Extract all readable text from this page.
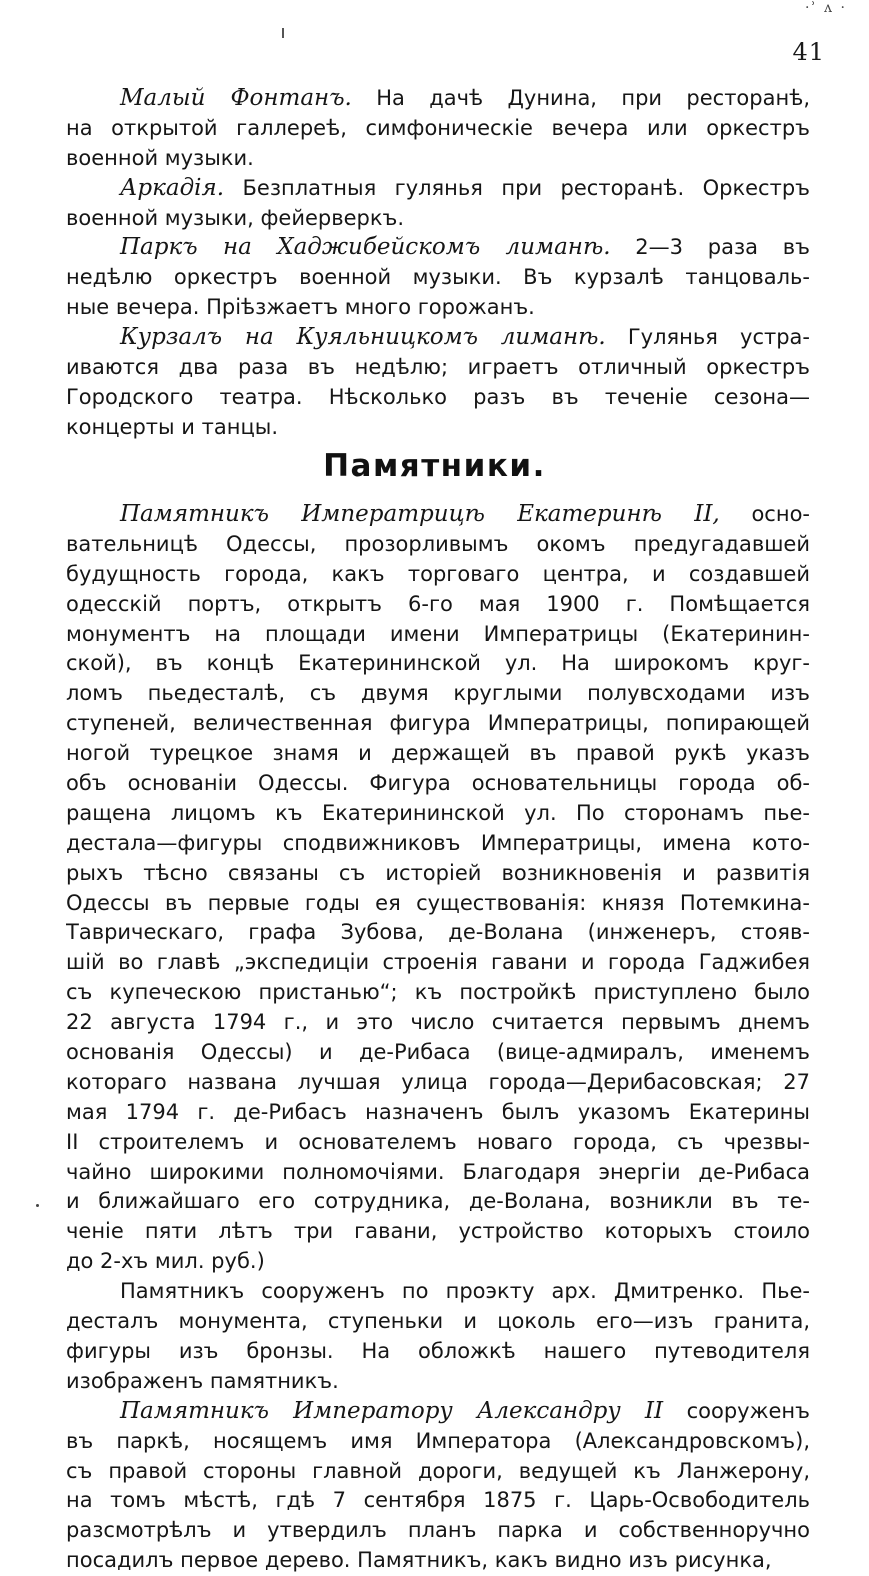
·ʾ ʌ ·
41
Малый Фонтанъ. На дачѣ Дунина, при ресторанѣ,
на открытой галлереѣ, симфоническiе вечера или оркестръ
военной музыки.
Аркадiя. Безплатныя гулянья при ресторанѣ. Оркестръ
военной музыки, фейерверкъ.
Паркъ на Хаджибейскомъ лиманѣ. 2—3 раза въ
недѣлю оркестръ военной музыки. Въ курзалѣ танцоваль-
ные вечера. Прiѣзжаетъ много горожанъ.
Курзалъ на Куяльницкомъ лиманѣ. Гулянья устра-
иваются два раза въ недѣлю; играетъ отличный оркестръ
Городского театра. Нѣсколько разъ въ теченiе сезона—
концерты и танцы.
Памятники.
Памятникъ Императрицѣ Екатеринѣ II, осно-
вательницѣ Одессы, прозорливымъ окомъ предугадавшей
будущность города, какъ торговаго центра, и создавшей
одесскiй портъ, открытъ 6-го мая 1900 г. Помѣщается
монументъ на площади имени Императрицы (Екатеринин-
ской), въ концѣ Екатерининской ул. На широкомъ круг-
ломъ пьедесталѣ, съ двумя круглыми полувсходами изъ
ступеней, величественная фигура Императрицы, попирающей
ногой турецкое знамя и держащей въ правой рукѣ указъ
объ основанiи Одессы. Фигура основательницы города об-
ращена лицомъ къ Екатерининской ул. По сторонамъ пье-
дестала—фигуры сподвижниковъ Императрицы, имена кото-
рыхъ тѣсно связаны съ исторiей возникновенiя и развитiя
Одессы въ первые годы ея существованiя: князя Потемкина-
Таврическаго, графа Зубова, де-Волана (инженеръ, стояв-
шiй во главѣ „экспедицiи строенiя гавани и города Гаджибея
съ купеческою пристанью“; къ постройкѣ приступлено было
22 августа 1794 г., и это число считается первымъ днемъ
основанiя Одессы) и де-Рибаса (вице-адмиралъ, именемъ
котораго названа лучшая улица города—Дерибасовская; 27
мая 1794 г. де-Рибасъ назначенъ былъ указомъ Екатерины
II строителемъ и основателемъ новаго города, съ чрезвы-
чайно широкими полномочiями. Благодаря энергiи де-Рибаса
и ближайшаго его сотрудника, де-Волана, возникли въ те-
ченiе пяти лѣтъ три гавани, устройство которыхъ стоило
до 2-хъ мил. руб.)
Памятникъ сооруженъ по проэкту арх. Дмитренко. Пье-
десталъ монумента, ступеньки и цоколь его—изъ гранита,
фигуры изъ бронзы. На обложкѣ нашего путеводителя
изображенъ памятникъ.
Памятникъ Императору Александру II сооруженъ
въ паркѣ, носящемъ имя Императора (Александровскомъ),
съ правой стороны главной дороги, ведущей къ Ланжерону,
на томъ мѣстѣ, гдѣ 7 сентября 1875 г. Царь-Освободитель
разсмотрѣлъ и утвердилъ планъ парка и собственноручно
посадилъ первое дерево. Памятникъ, какъ видно изъ рисунка,
